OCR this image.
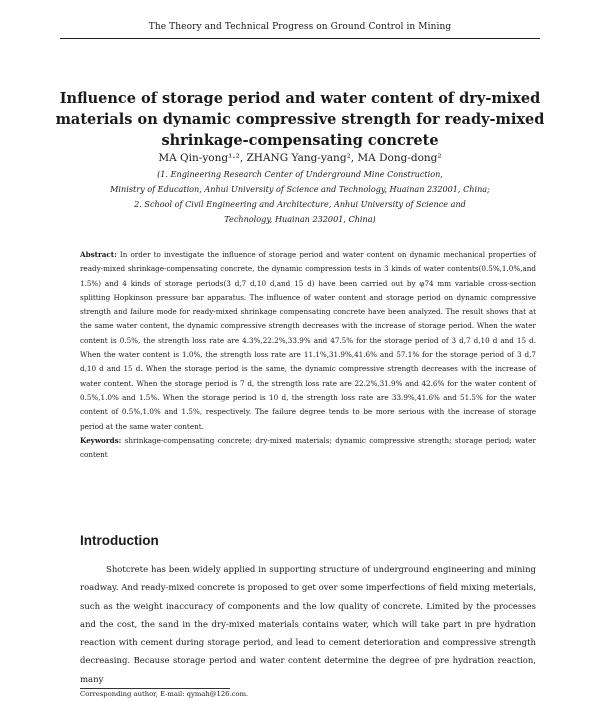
The Theory and Technical Progress on Ground Control in Mining
Influence of storage period and water content of dry-mixed materials on dynamic compressive strength for ready-mixed shrinkage-compensating concrete
MA Qin-yong¹·², ZHANG Yang-yang², MA Dong-dong²
(1. Engineering Research Center of Underground Mine Construction,
Ministry of Education, Anhui University of Science and Technology, Huainan 232001, China;
2. School of Civil Engineering and Architecture, Anhui University of Science and
Technology, Huainan 232001, China)

Abstract: In order to investigate the influence of storage period and water content on dynamic mechanical properties of ready-mixed shrinkage-compensating concrete, the dynamic compression tests in 3 kinds of water contents(0.5%,1.0%,and 1.5%) and 4 kinds of storage periods(3 d,7 d,10 d,and 15 d) have been carried out by φ74 mm variable cross-section splitting Hopkinson pressure bar apparatus. The influence of water content and storage period on dynamic compressive strength and failure mode for ready-mixed shrinkage compensating concrete have been analyzed. The result shows that at the same water content, the dynamic compressive strength decreases with the increase of storage period. When the water content is 0.5%, the strength loss rate are 4.3%,22.2%,33.9% and 47.5% for the storage period of 3 d,7 d,10 d and 15 d. When the water content is 1.0%, the strength loss rate are 11.1%,31.9%,41.6% and 57.1% for the storage period of 3 d,7 d,10 d and 15 d. When the storage period is the same, the dynamic compressive strength decreases with the increase of water content. When the storage period is 7 d, the strength loss rate are 22.2%,31.9% and 42.6% for the water content of 0.5%,1.0% and 1.5%. When the storage period is 10 d, the strength loss rate are 33.9%,41.6% and 51.5% for the water content of 0.5%,1.0% and 1.5%, respectively. The failure degree tends to be more serious with the increase of storage period at the same water content.

Keywords: shrinkage-compensating concrete; dry-mixed materials; dynamic compressive strength; storage period; water content

Introduction

Shotcrete has been widely applied in supporting structure of underground engineering and mining roadway. And ready-mixed concrete is proposed to get over some imperfections of field mixing meterials, such as the weight inaccuracy of components and the low quality of concrete. Limited by the processes and the cost, the sand in the dry-mixed materials contains water, which will take part in pre hydration reaction with cement during storage period, and lead to cement deterioration and compressive strength decreasing. Because storage period and water content determine the degree of pre hydration reaction, many

Corresponding author, E-mail: qymah@126.com.
